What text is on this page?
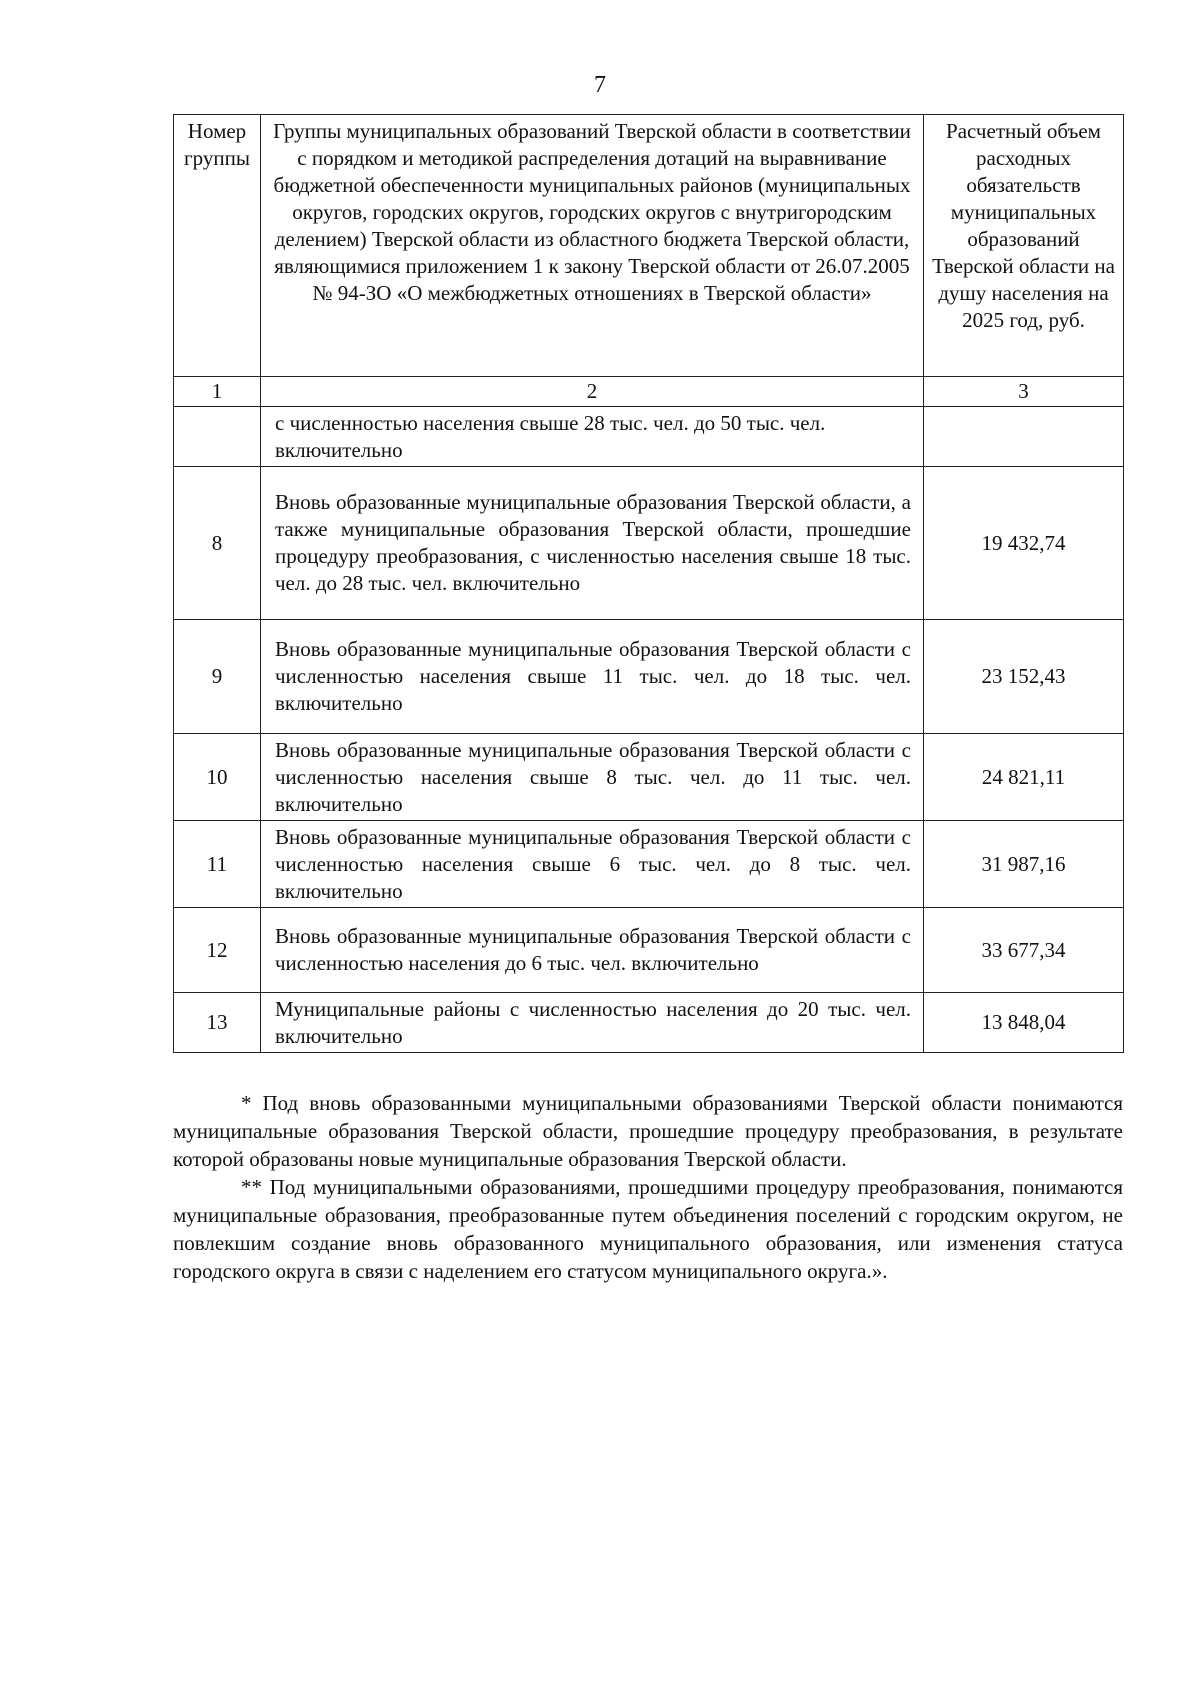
7
Номер группы	Группы муниципальных образований Тверской области в соответствии с порядком и методикой распределения дотаций на выравнивание бюджетной обеспеченности муниципальных районов (муниципальных округов, городских округов, городских округов с внутригородским делением) Тверской области из областного бюджета Тверской области, являющимися приложением 1 к закону Тверской области от 26.07.2005 № 94-ЗО «О межбюджетных отношениях в Тверской области»	Расчетный объем расходных обязательств муниципальных образований Тверской области на душу населения на 2025 год, руб.
1	2	3
	с численностью населения свыше 28 тыс. чел. до 50 тыс. чел. включительно	
8	Вновь образованные муниципальные образования Тверской области, а также муниципальные образования Тверской области, прошедшие процедуру преобразования, с численностью населения свыше 18 тыс. чел. до 28 тыс. чел. включительно	19 432,74
9	Вновь образованные муниципальные образования Тверской области с численностью населения свыше 11 тыс. чел. до 18 тыс. чел. включительно	23 152,43
10	Вновь образованные муниципальные образования Тверской области с численностью населения свыше 8 тыс. чел. до 11 тыс. чел. включительно	24 821,11
11	Вновь образованные муниципальные образования Тверской области с численностью населения свыше 6 тыс. чел. до 8 тыс. чел. включительно	31 987,16
12	Вновь образованные муниципальные образования Тверской области с численностью населения до 6 тыс. чел. включительно	33 677,34
13	Муниципальные районы с численностью населения до 20 тыс. чел. включительно	13 848,04

* Под вновь образованными муниципальными образованиями Тверской области понимаются муниципальные образования Тверской области, прошедшие процедуру преобразования, в результате которой образованы новые муниципальные образования Тверской области.

** Под муниципальными образованиями, прошедшими процедуру преобразования, понимаются муниципальные образования, преобразованные путем объединения поселений с городским округом, не повлекшим создание вновь образованного муниципального образования, или изменения статуса городского округа в связи с наделением его статусом муниципального округа.».
